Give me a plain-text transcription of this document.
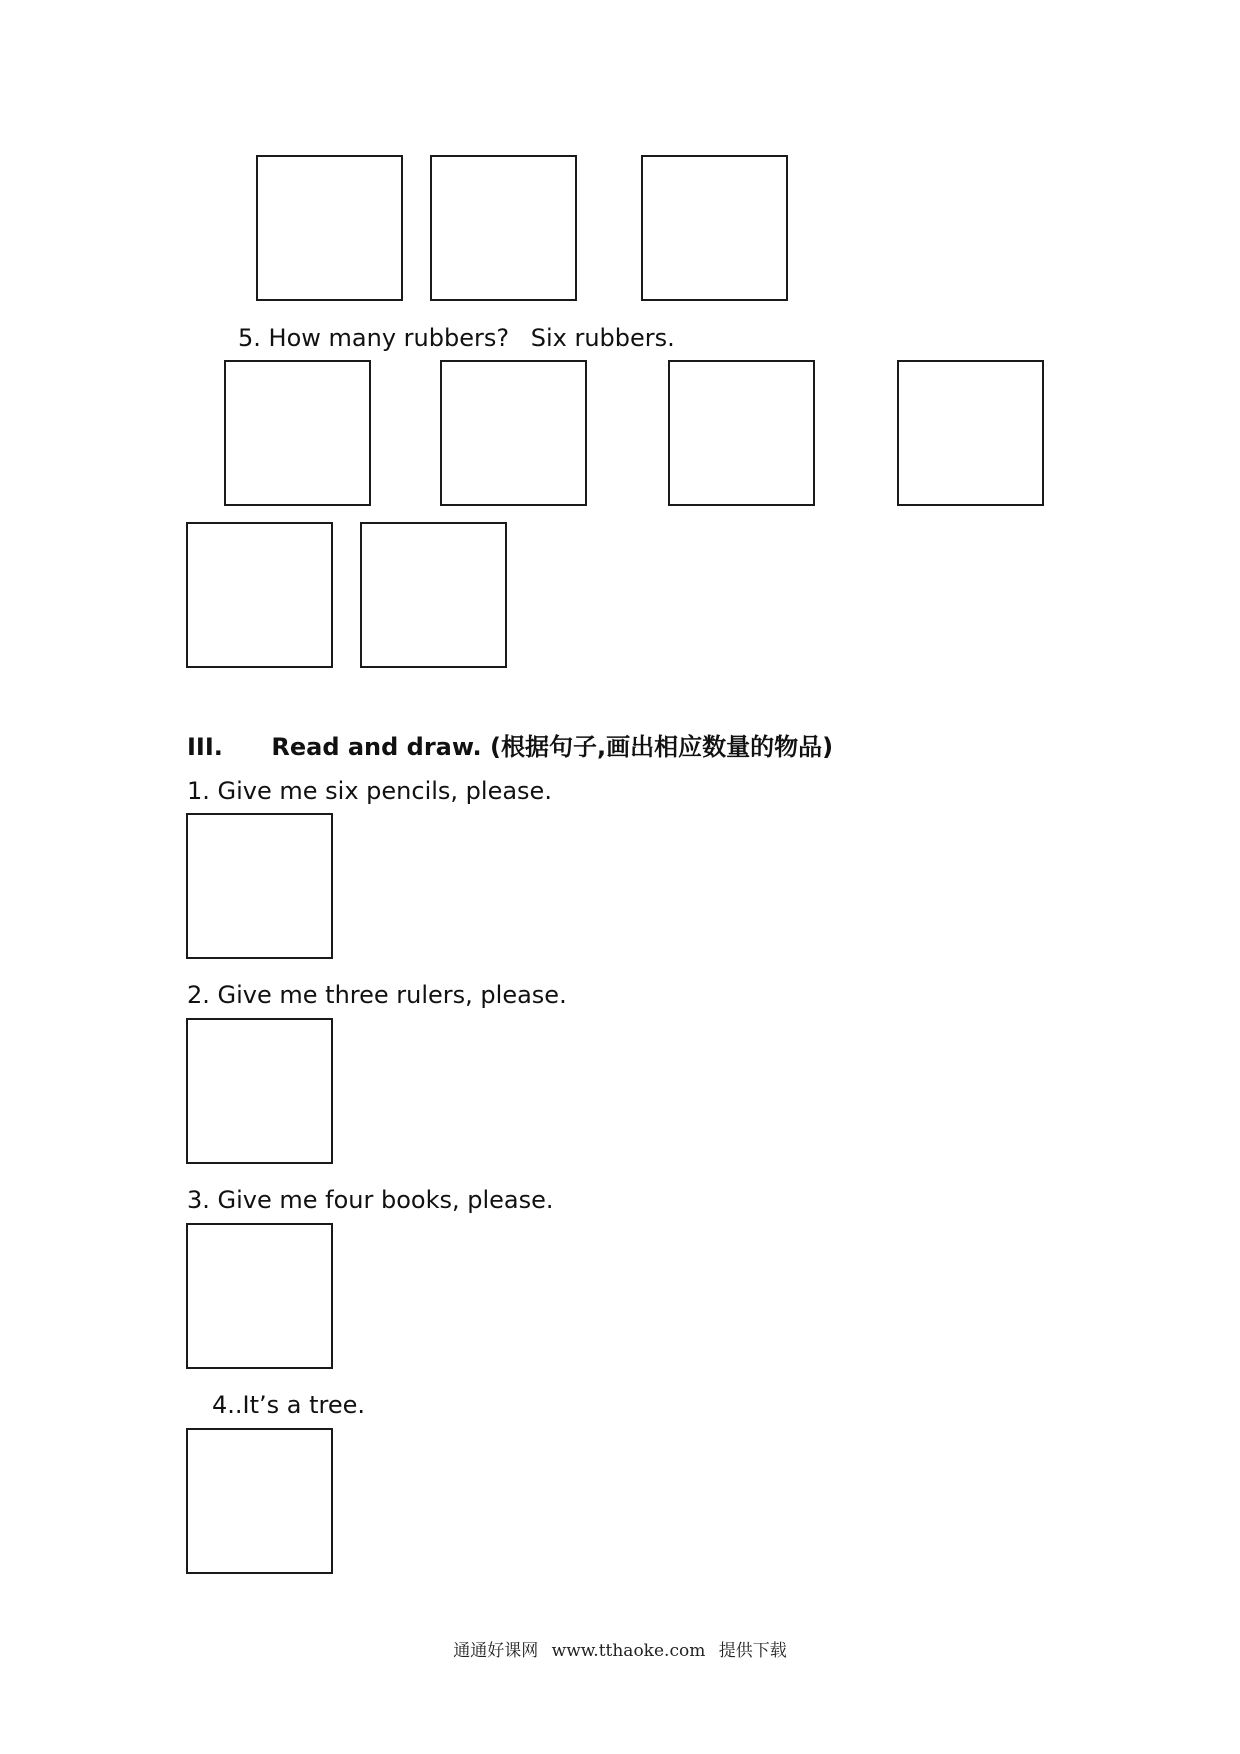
5. How many rubbers? Six rubbers.
III. Read and draw. (根据句子,画出相应数量的物品)
1. Give me six pencils, please.
2. Give me three rulers, please.
3. Give me four books, please.
4..It’s a tree.
通通好课网 www.tthaoke.com 提供下载
